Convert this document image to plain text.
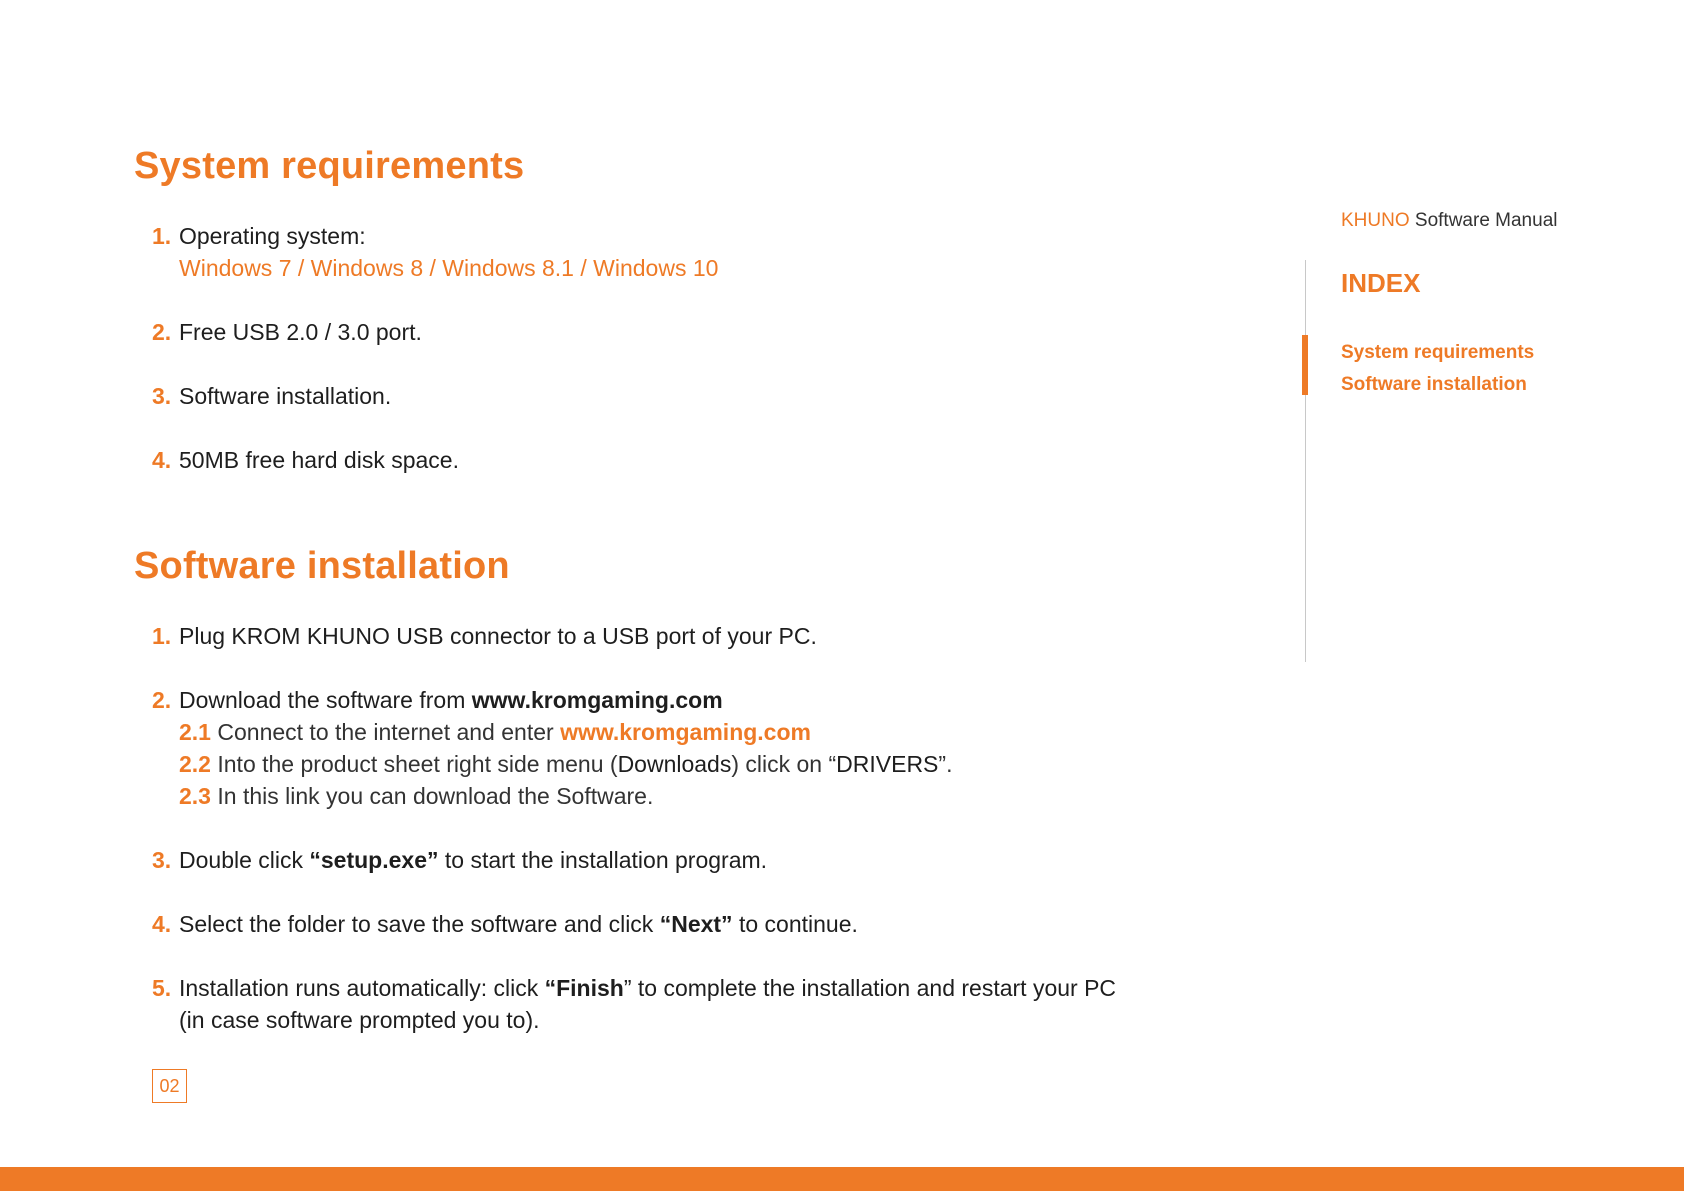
System requirements
1. Operating system:
Windows 7 / Windows 8 / Windows 8.1 / Windows 10
2. Free USB 2.0 / 3.0 port.
3. Software installation.
4. 50MB free hard disk space.
Software installation
1. Plug KROM KHUNO USB connector to a USB port of your PC.
2. Download the software from www.kromgaming.com
2.1 Connect to the internet and enter www.kromgaming.com
2.2 Into the product sheet right side menu (Downloads) click on “DRIVERS”.
2.3 In this link you can download the Software.
3. Double click “setup.exe” to start the installation program.
4. Select the folder to save the software and click “Next” to continue.
5. Installation runs automatically: click “Finish” to complete the installation and restart your PC
(in case software prompted you to).
KHUNO Software Manual
INDEX
System requirements
Software installation
02
